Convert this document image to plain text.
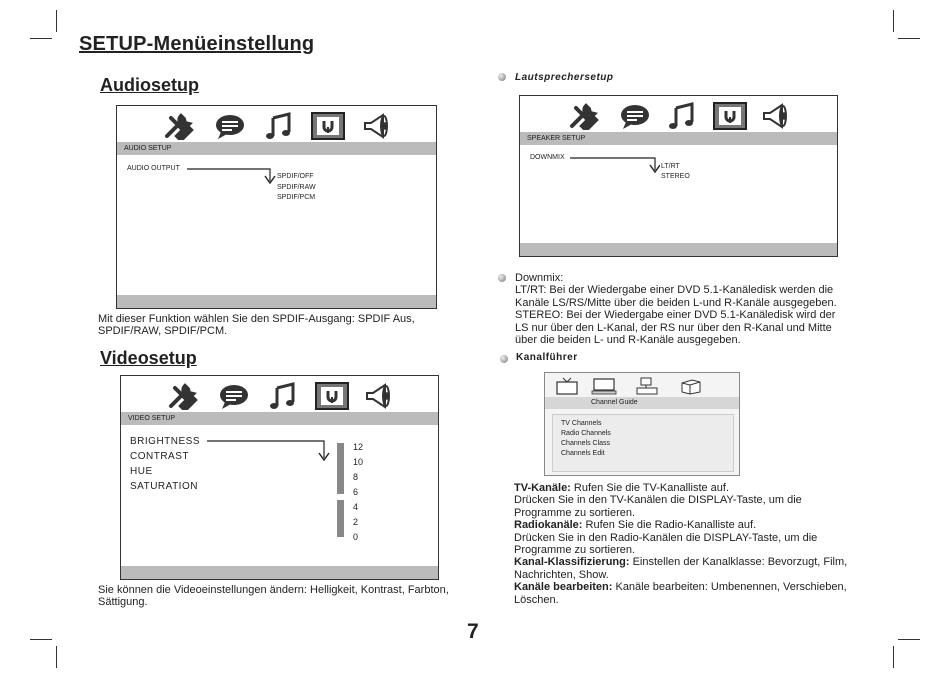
SETUP-Menüeinstellung
Audiosetup
AUDIO SETUP
AUDIO OUTPUT
SPDIF/OFF
SPDIF/RAW
SPDIF/PCM
Mit dieser Funktion wählen Sie den SPDIF-Ausgang: SPDIF Aus, SPDIF/RAW, SPDIF/PCM.
Videosetup
VIDEO SETUP
BRIGHTNESS
CONTRAST
HUE
SATURATION
12
10
8
6
4
2
0
Sie können die Videoeinstellungen ändern: Helligkeit, Kontrast, Farbton, Sättigung.
Lautsprechersetup
SPEAKER SETUP
DOWNMIX
LT/RT
STEREO
Downmix:
LT/RT: Bei der Wiedergabe einer DVD 5.1-Kanäledisk werden die
Kanäle LS/RS/Mitte über die beiden L-und R-Kanäle ausgegeben.
STEREO: Bei der Wiedergabe einer DVD 5.1-Kanäledisk wird der
LS nur über den L-Kanal, der RS nur über den R-Kanal und Mitte
über die beiden L- und R-Kanäle ausgegeben.
Kanalführer
Channel Guide
TV Channels
Radio Channels
Channels Class
Channels Edit
TV-Kanäle: Rufen Sie die TV-Kanalliste auf.
Drücken Sie in den TV-Kanälen die DISPLAY-Taste, um die
Programme zu sortieren.
Radiokanäle: Rufen Sie die Radio-Kanalliste auf.
Drücken Sie in den Radio-Kanälen die DISPLAY-Taste, um die
Programme zu sortieren.
Kanal-Klassifizierung: Einstellen der Kanalklasse: Bevorzugt, Film,
Nachrichten, Show.
Kanäle bearbeiten: Kanäle bearbeiten: Umbenennen, Verschieben,
Löschen.
7
